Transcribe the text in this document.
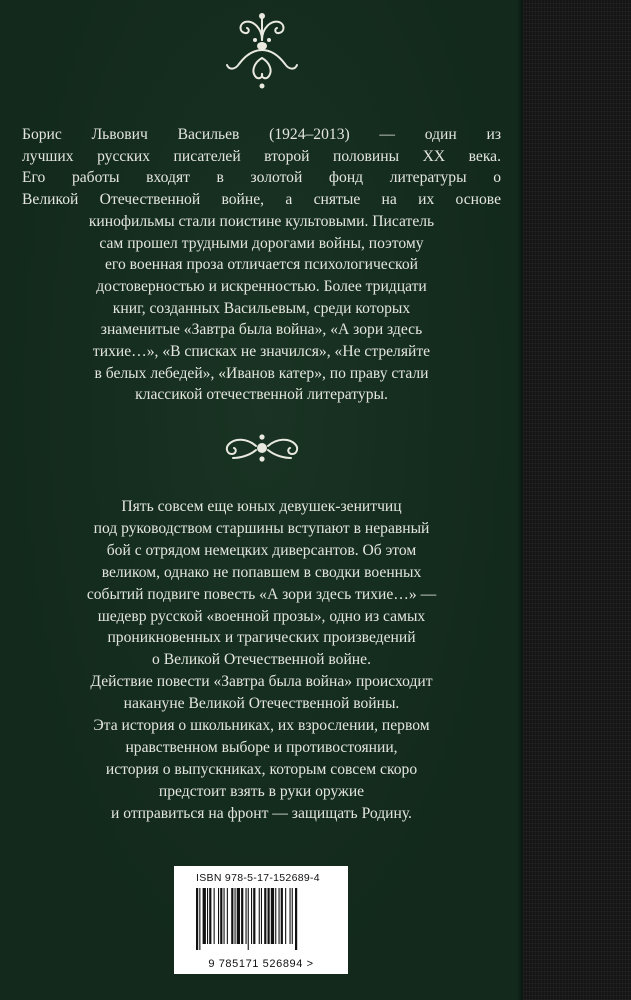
Борис Львович Васильев (1924–2013) — один из
лучших русских писателей второй половины XX века.
Его работы входят в золотой фонд литературы о
Великой Отечественной войне, а снятые на их основе
кинофильмы стали поистине культовыми. Писатель
сам прошел трудными дорогами войны, поэтому
его военная проза отличается психологической
достоверностью и искренностью. Более тридцати
книг, созданных Васильевым, среди которых
знаменитые «Завтра была война», «А зори здесь
тихие…», «В списках не значился», «Не стреляйте
в белых лебедей», «Иванов катер», по праву стали
классикой отечественной литературы.
Пять совсем еще юных девушек-зенитчиц
под руководством старшины вступают в неравный
бой с отрядом немецких диверсантов. Об этом
великом, однако не попавшем в сводки военных
событий подвиге повесть «А зори здесь тихие…» —
шедевр русской «военной прозы», одно из самых
проникновенных и трагических произведений
о Великой Отечественной войне.
Действие повести «Завтра была война» происходит
накануне Великой Отечественной войны.
Эта история о школьниках, их взрослении, первом
нравственном выборе и противостоянии,
история о выпускниках, которым совсем скоро
предстоит взять в руки оружие
и отправиться на фронт — защищать Родину.
ISBN 978-5-17-152689-4
9 785171 526894 >
